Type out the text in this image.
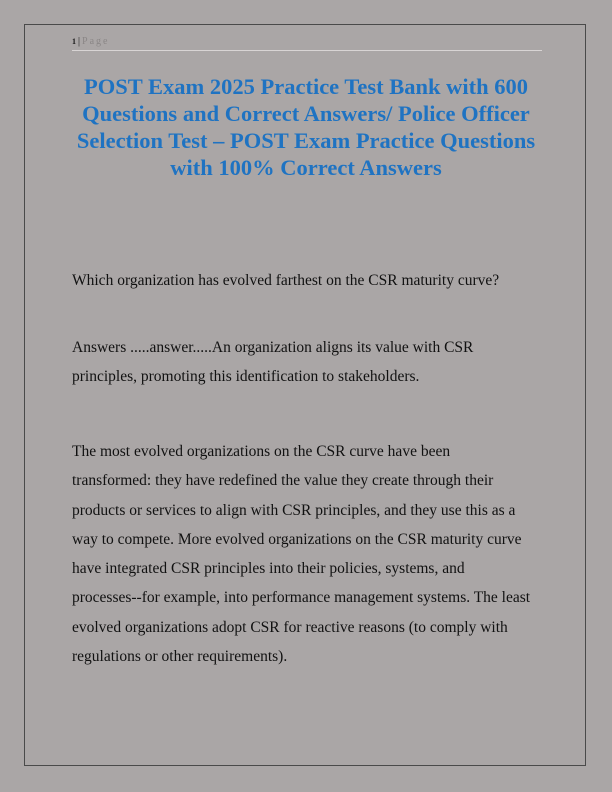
1 | Page
POST Exam 2025 Practice Test Bank with 600 Questions and Correct Answers/ Police Officer Selection Test – POST Exam Practice Questions with 100% Correct Answers

Which organization has evolved farthest on the CSR maturity curve?

Answers .....answer.....An organization aligns its value with CSR principles, promoting this identification to stakeholders.

The most evolved organizations on the CSR curve have been transformed: they have redefined the value they create through their products or services to align with CSR principles, and they use this as a way to compete. More evolved organizations on the CSR maturity curve have integrated CSR principles into their policies, systems, and processes--for example, into performance management systems. The least evolved organizations adopt CSR for reactive reasons (to comply with regulations or other requirements).
